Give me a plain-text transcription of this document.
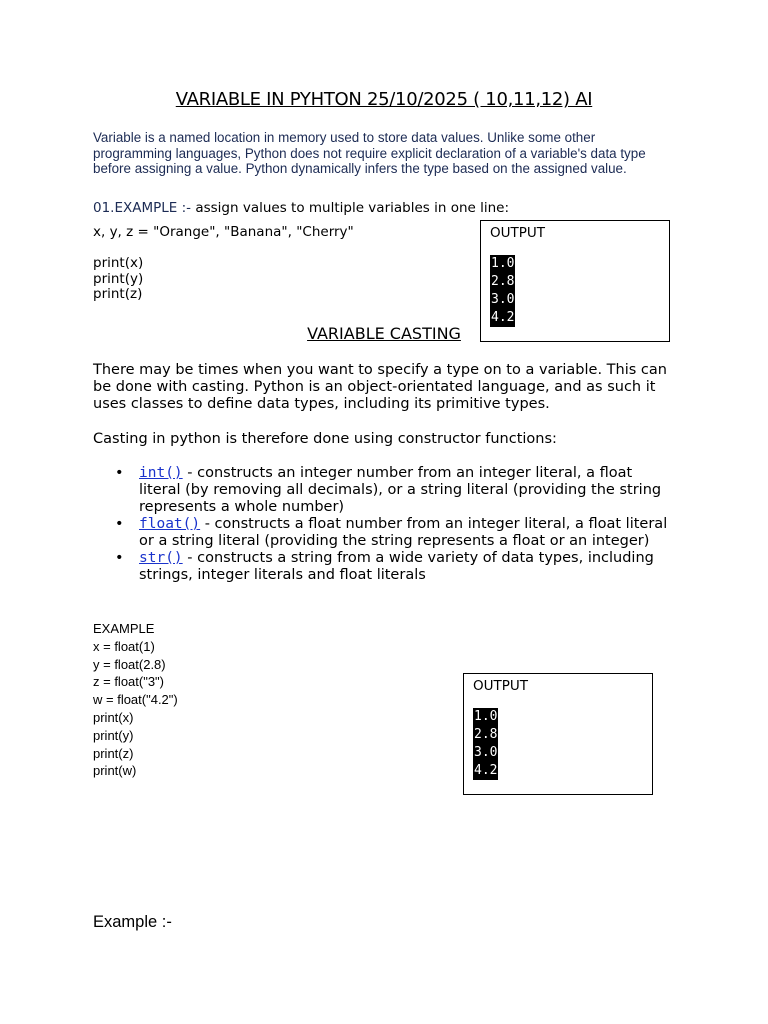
VARIABLE IN PYHTON 25/10/2025 ( 10,11,12) AI
Variable is a named location in memory used to store data values. Unlike some other programming languages, Python does not require explicit declaration of a variable's data type before assigning a value. Python dynamically infers the type based on the assigned value.
01.EXAMPLE :- assign values to multiple variables in one line:
x, y, z = "Orange", "Banana", "Cherry"
print(x)
print(y)
print(z)
OUTPUT
1.0
2.8
3.0
4.2
VARIABLE CASTING
There may be times when you want to specify a type on to a variable. This can be done with casting. Python is an object-orientated language, and as such it uses classes to define data types, including its primitive types.
Casting in python is therefore done using constructor functions:
• int() - constructs an integer number from an integer literal, a float literal (by removing all decimals), or a string literal (providing the string represents a whole number)
• float() - constructs a float number from an integer literal, a float literal or a string literal (providing the string represents a float or an integer)
• str() - constructs a string from a wide variety of data types, including strings, integer literals and float literals
EXAMPLE
x = float(1)
y = float(2.8)
z = float("3")
w = float("4.2")
print(x)
print(y)
print(z)
print(w)
OUTPUT
1.0
2.8
3.0
4.2
Example :-
